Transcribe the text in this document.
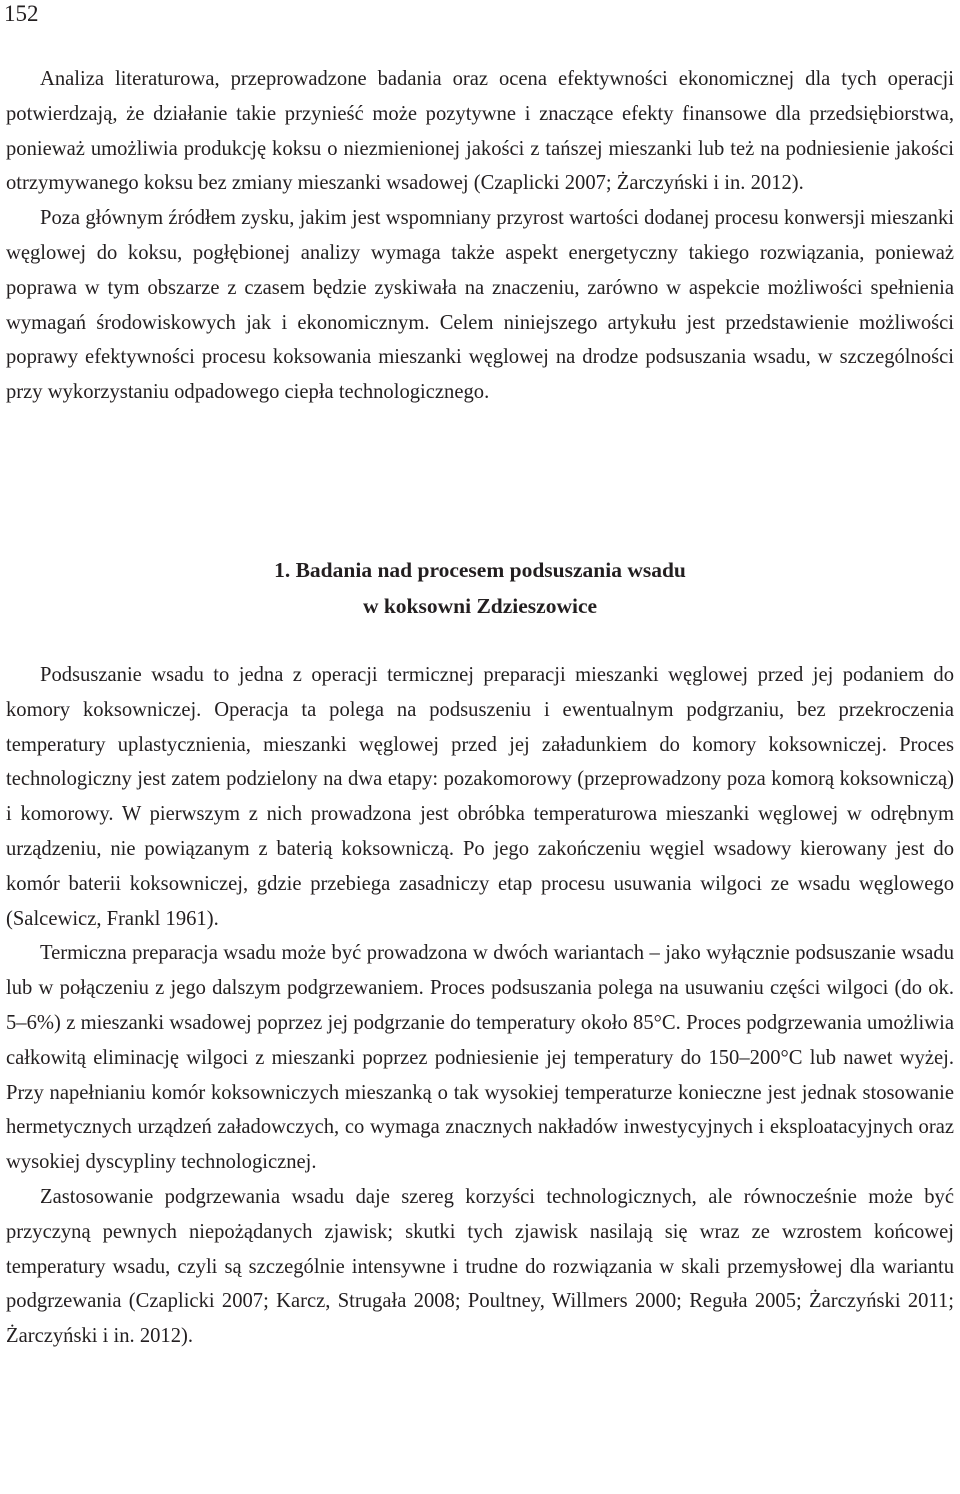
152

Analiza literaturowa, przeprowadzone badania oraz ocena efektywności ekonomicznej dla tych operacji potwierdzają, że działanie takie przynieść może pozytywne i znaczące efekty finansowe dla przedsiębiorstwa, ponieważ umożliwia produkcję koksu o niezmienionej jakości z tańszej mieszanki lub też na podniesienie jakości otrzymywanego koksu bez zmiany mieszanki wsadowej (Czaplicki 2007; Żarczyński i in. 2012).

Poza głównym źródłem zysku, jakim jest wspomniany przyrost wartości dodanej procesu konwersji mieszanki węglowej do koksu, pogłębionej analizy wymaga także aspekt energetyczny takiego rozwiązania, ponieważ poprawa w tym obszarze z czasem będzie zyskiwała na znaczeniu, zarówno w aspekcie możliwości spełnienia wymagań środowiskowych jak i ekonomicznym. Celem niniejszego artykułu jest przedstawienie możliwości poprawy efektywności procesu koksowania mieszanki węglowej na drodze podsuszania wsadu, w szczególności przy wykorzystaniu odpadowego ciepła technologicznego.

1. Badania nad procesem podsuszania wsadu
w koksowni Zdzieszowice

Podsuszanie wsadu to jedna z operacji termicznej preparacji mieszanki węglowej przed jej podaniem do komory koksowniczej. Operacja ta polega na podsuszeniu i ewentualnym podgrzaniu, bez przekroczenia temperatury uplastycznienia, mieszanki węglowej przed jej załadunkiem do komory koksowniczej. Proces technologiczny jest zatem podzielony na dwa etapy: pozakomorowy (przeprowadzony poza komorą koksowniczą) i komorowy. W pierwszym z nich prowadzona jest obróbka temperaturowa mieszanki węglowej w odrębnym urządzeniu, nie powiązanym z baterią koksowniczą. Po jego zakończeniu węgiel wsadowy kierowany jest do komór baterii koksowniczej, gdzie przebiega zasadniczy etap procesu usuwania wilgoci ze wsadu węglowego (Salcewicz, Frankl 1961).

Termiczna preparacja wsadu może być prowadzona w dwóch wariantach – jako wyłącznie podsuszanie wsadu lub w połączeniu z jego dalszym podgrzewaniem. Proces podsuszania polega na usuwaniu części wilgoci (do ok. 5–6%) z mieszanki wsadowej poprzez jej podgrzanie do temperatury około 85°C. Proces podgrzewania umożliwia całkowitą eliminację wilgoci z mieszanki poprzez podniesienie jej temperatury do 150–200°C lub nawet wyżej. Przy napełnianiu komór koksowniczych mieszanką o tak wysokiej temperaturze konieczne jest jednak stosowanie hermetycznych urządzeń załadowczych, co wymaga znacznych nakładów inwestycyjnych i eksploatacyjnych oraz wysokiej dyscypliny technologicznej.

Zastosowanie podgrzewania wsadu daje szereg korzyści technologicznych, ale równocześnie może być przyczyną pewnych niepożądanych zjawisk; skutki tych zjawisk nasilają się wraz ze wzrostem końcowej temperatury wsadu, czyli są szczególnie intensywne i trudne do rozwiązania w skali przemysłowej dla wariantu podgrzewania (Czaplicki 2007; Karcz, Strugała 2008; Poultney, Willmers 2000; Reguła 2005; Żarczyński 2011; Żarczyński i in. 2012).
